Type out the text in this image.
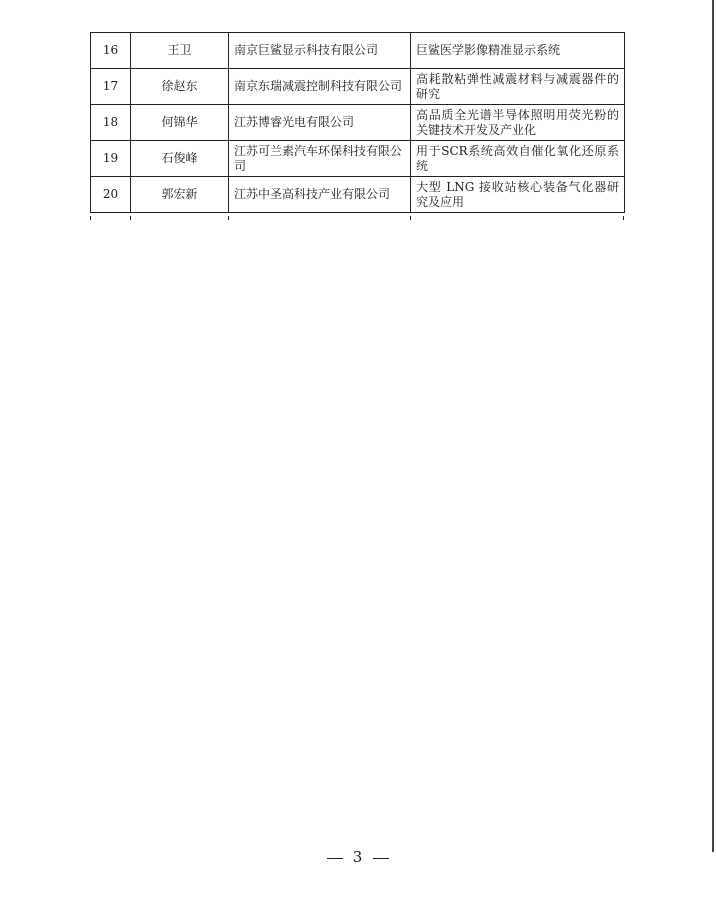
16	王卫	南京巨鲨显示科技有限公司	巨鲨医学影像精准显示系统
17	徐赵东	南京东瑞减震控制科技有限公司	高耗散粘弹性减震材料与减震器件的研究
18	何锦华	江苏博睿光电有限公司	高品质全光谱半导体照明用荧光粉的关键技术开发及产业化
19	石俊峰	江苏可兰素汽车环保科技有限公司	用于SCR系统高效自催化氧化还原系统
20	郭宏新	江苏中圣高科技产业有限公司	大型 LNG 接收站核心装备气化器研究及应用
3
